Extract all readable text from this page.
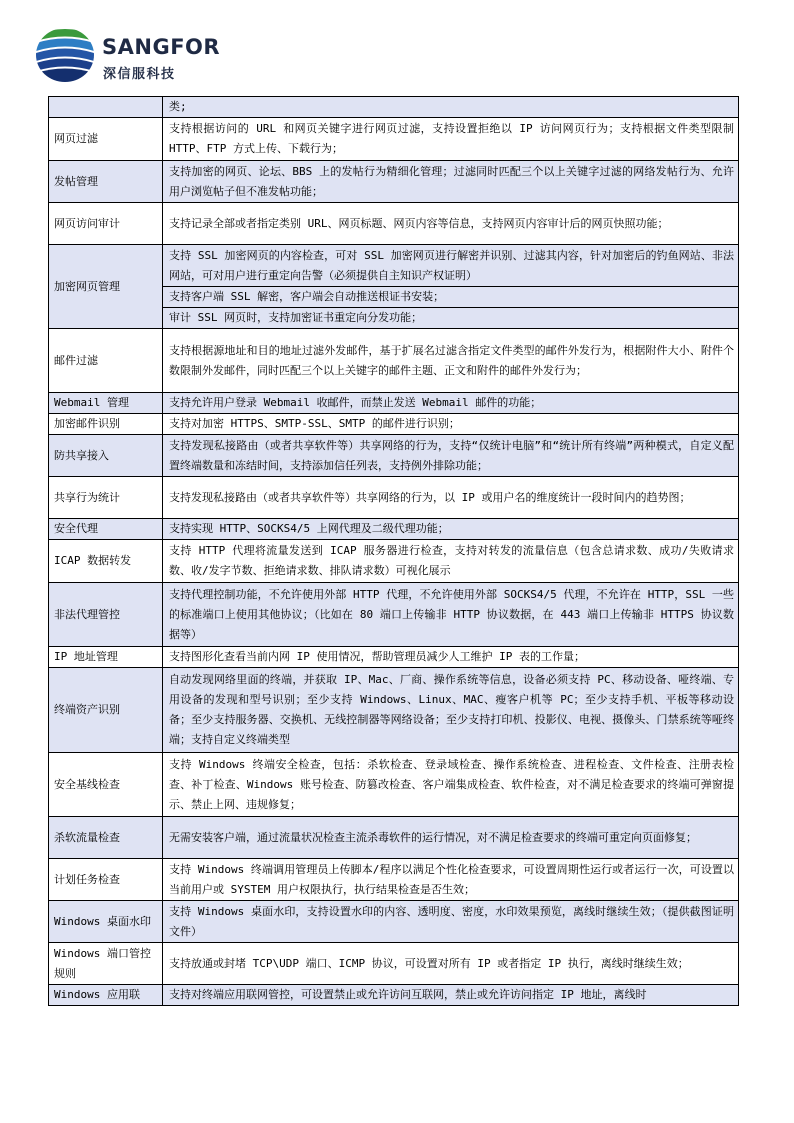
SANGFOR
深信服科技
	类;
网页过滤	支持根据访问的 URL 和网页关键字进行网页过滤，支持设置拒绝以 IP 访问网页行为；支持根据文件类型限制 HTTP、FTP 方式上传、下载行为；
发帖管理	支持加密的网页、论坛、BBS 上的发帖行为精细化管理；过滤同时匹配三个以上关键字过滤的网络发帖行为、允许用户浏览帖子但不准发帖功能；
网页访问审计	支持记录全部或者指定类别 URL、网页标题、网页内容等信息，支持网页内容审计后的网页快照功能；
加密网页管理	支持 SSL 加密网页的内容检查，可对 SSL 加密网页进行解密并识别、过滤其内容，针对加密后的钓鱼网站、非法网站，可对用户进行重定向告警（必须提供自主知识产权证明）
	支持客户端 SSL 解密，客户端会自动推送根证书安装；
	审计 SSL 网页时，支持加密证书重定向分发功能；
邮件过滤	支持根据源地址和目的地址过滤外发邮件，基于扩展名过滤含指定文件类型的邮件外发行为，根据附件大小、附件个数限制外发邮件，同时匹配三个以上关键字的邮件主题、正文和附件的邮件外发行为；
Webmail 管理	支持允许用户登录 Webmail 收邮件，而禁止发送 Webmail 邮件的功能；
加密邮件识别	支持对加密 HTTPS、SMTP-SSL、SMTP 的邮件进行识别；
防共享接入	支持发现私接路由（或者共享软件等）共享网络的行为，支持“仅统计电脑”和“统计所有终端”两种模式，自定义配置终端数量和冻结时间，支持添加信任列表，支持例外排除功能；
共享行为统计	支持发现私接路由（或者共享软件等）共享网络的行为，以 IP 或用户名的维度统计一段时间内的趋势图；
安全代理	支持实现 HTTP、SOCKS4/5 上网代理及二级代理功能；
ICAP 数据转发	支持 HTTP 代理将流量发送到 ICAP 服务器进行检查，支持对转发的流量信息（包含总请求数、成功/失败请求数、收/发字节数、拒绝请求数、排队请求数）可视化展示
非法代理管控	支持代理控制功能，不允许使用外部 HTTP 代理，不允许使用外部 SOCKS4/5 代理，不允许在 HTTP，SSL 一些的标准端口上使用其他协议；（比如在 80 端口上传输非 HTTP 协议数据，在 443 端口上传输非 HTTPS 协议数据等）
IP 地址管理	支持图形化查看当前内网 IP 使用情况，帮助管理员减少人工维护 IP 表的工作量；
终端资产识别	自动发现网络里面的终端，并获取 IP、Mac、厂商、操作系统等信息，设备必须支持 PC、移动设备、哑终端、专用设备的发现和型号识别；至少支持 Windows、Linux、MAC、瘦客户机等 PC；至少支持手机、平板等移动设备；至少支持服务器、交换机、无线控制器等网络设备；至少支持打印机、投影仪、电视、摄像头、门禁系统等哑终端；支持自定义终端类型
安全基线检查	支持 Windows 终端安全检查，包括：杀软检查、登录域检查、操作系统检查、进程检查、文件检查、注册表检查、补丁检查、Windows 账号检查、防篡改检查、客户端集成检查、软件检查，对不满足检查要求的终端可弹窗提示、禁止上网、违规修复；
杀软流量检查	无需安装客户端，通过流量状况检查主流杀毒软件的运行情况，对不满足检查要求的终端可重定向页面修复；
计划任务检查	支持 Windows 终端调用管理员上传脚本/程序以满足个性化检查要求，可设置周期性运行或者运行一次，可设置以当前用户或 SYSTEM 用户权限执行，执行结果检查是否生效；
Windows 桌面水印	支持 Windows 桌面水印，支持设置水印的内容、透明度、密度，水印效果预览，离线时继续生效；（提供截图证明文件）
Windows 端口管控规则	支持放通或封堵 TCP\UDP 端口、ICMP 协议，可设置对所有 IP 或者指定 IP 执行，离线时继续生效；
Windows 应用联	支持对终端应用联网管控，可设置禁止或允许访问互联网，禁止或允许访问指定 IP 地址，离线时
